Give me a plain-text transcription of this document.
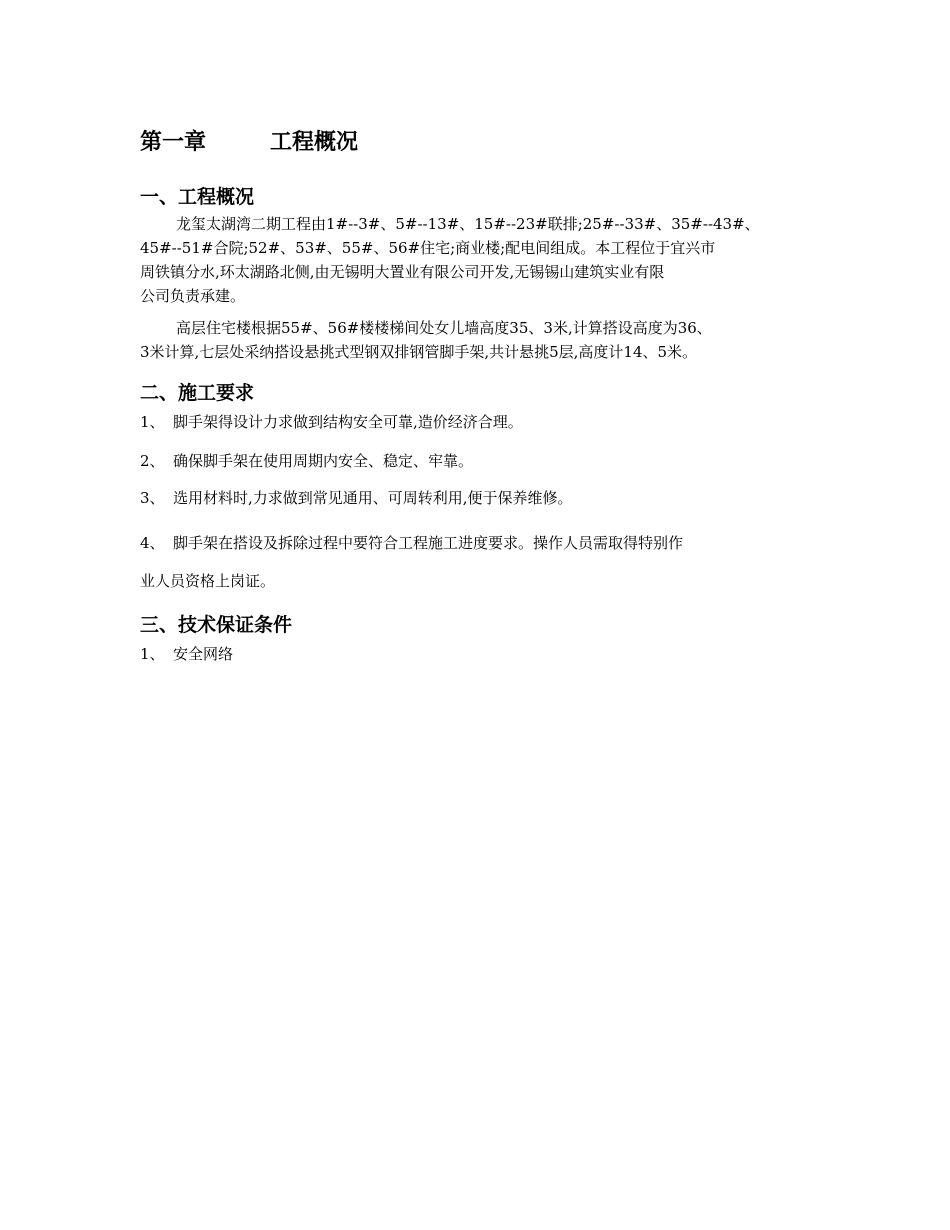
第一章	工程概况
一、工程概况
龙玺太湖湾二期工程由1#--3#、5#--13#、15#--23#联排;25#--33#、35#--43#、
45#--51#合院;52#、53#、55#、56#住宅;商业楼;配电间组成。本工程位于宜兴市
周铁镇分水,环太湖路北侧,由无锡明大置业有限公司开发,无锡锡山建筑实业有限
公司负责承建。
高层住宅楼根据55#、56#楼楼梯间处女儿墙高度35、3米,计算搭设高度为36、
3米计算,七层处采纳搭设悬挑式型钢双排钢管脚手架,共计悬挑5层,高度计14、5米。
二、施工要求
1、 脚手架得设计力求做到结构安全可靠,造价经济合理。
2、 确保脚手架在使用周期内安全、稳定、牢靠。
3、 选用材料时,力求做到常见通用、可周转利用,便于保养维修。
4、 脚手架在搭设及拆除过程中要符合工程施工进度要求。操作人员需取得特别作
业人员资格上岗证。
三、技术保证条件
1、 安全网络
